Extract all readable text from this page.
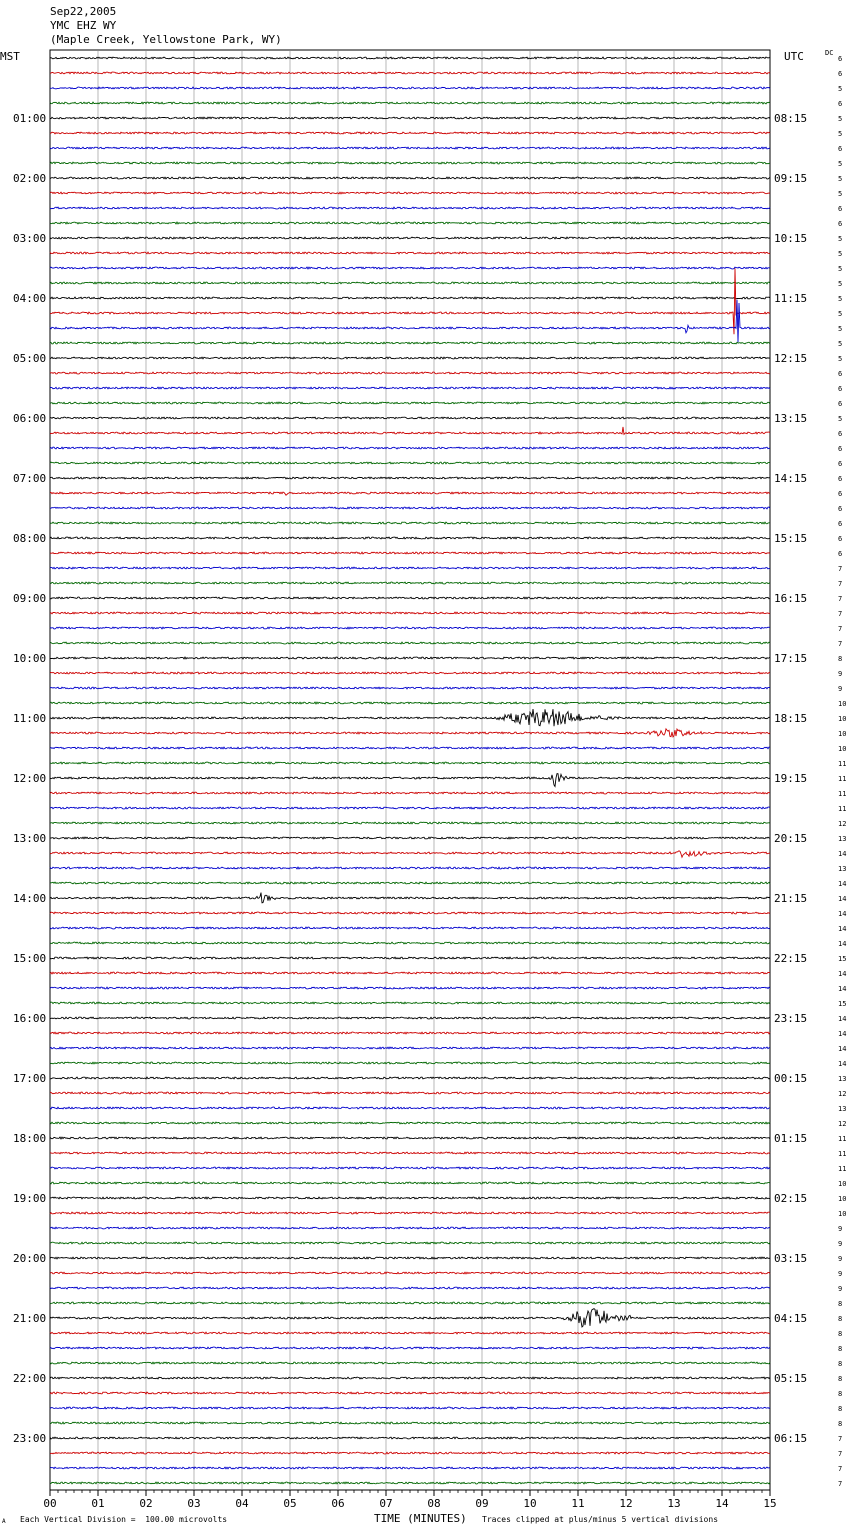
Sep22,2005
YMC EHZ WY
(Maple Creek, Yellowstone Park, WY)
MST	UTC	DC
6
6
5
6
5
01:00	08:15
5
6
5
5
02:00	09:15
5
6
6
5
03:00	10:15
5
5
5
5
04:00	11:15
5
5
5
5
05:00	12:15
6
6
6
5
06:00	13:15
6
6
6
6
07:00	14:15
6
6
6
6
08:00	15:15
6
7
7
7
09:00	16:15
7
7
7
8
10:00	17:15
9
9
10
10
11:00	18:15
10
10
11
11
12:00	19:15
11
11
12
13
13:00	20:15
14
13
14
14
14:00	21:15
14
14
14
15
15:00	22:15
14
14
15
14
16:00	23:15
14
14
14
13
17:00	00:15
12
13
12
11
18:00	01:15
11
11
10
10
19:00	02:15
10
9
9
9
20:00	03:15
9
9
8
8
21:00	04:15
8
8
8
8
22:00	05:15
8
8
8
7
23:00	06:15
7
7
7
00	01	02	03	04	05	06	07	08	09	10	11	12	13	14	15
A Each Vertical Division =  100.00 microvolts	TIME (MINUTES) Traces clipped at plus/minus 5 vertical divisions
